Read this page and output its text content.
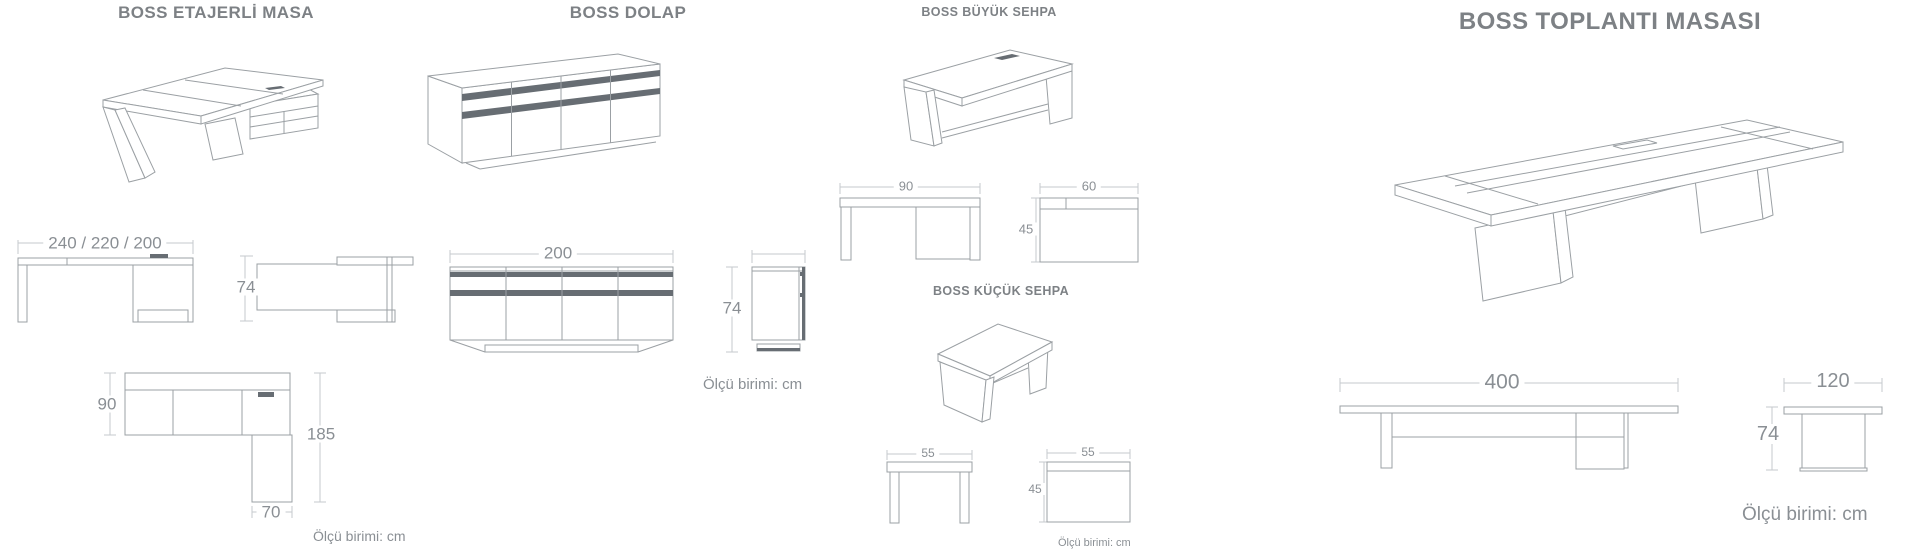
BOSS ETAJERLİ MASA
240 / 220 / 200
74
90
185
70
Ölçü birimi: cm
BOSS DOLAP
200
74
Ölçü birimi: cm
BOSS BÜYÜK SEHPA
90	60
45
BOSS KÜÇÜK SEHPA
55	55
45
Ölçü birimi: cm
BOSS TOPLANTI MASASI
400	120
74
Ölçü birimi: cm
